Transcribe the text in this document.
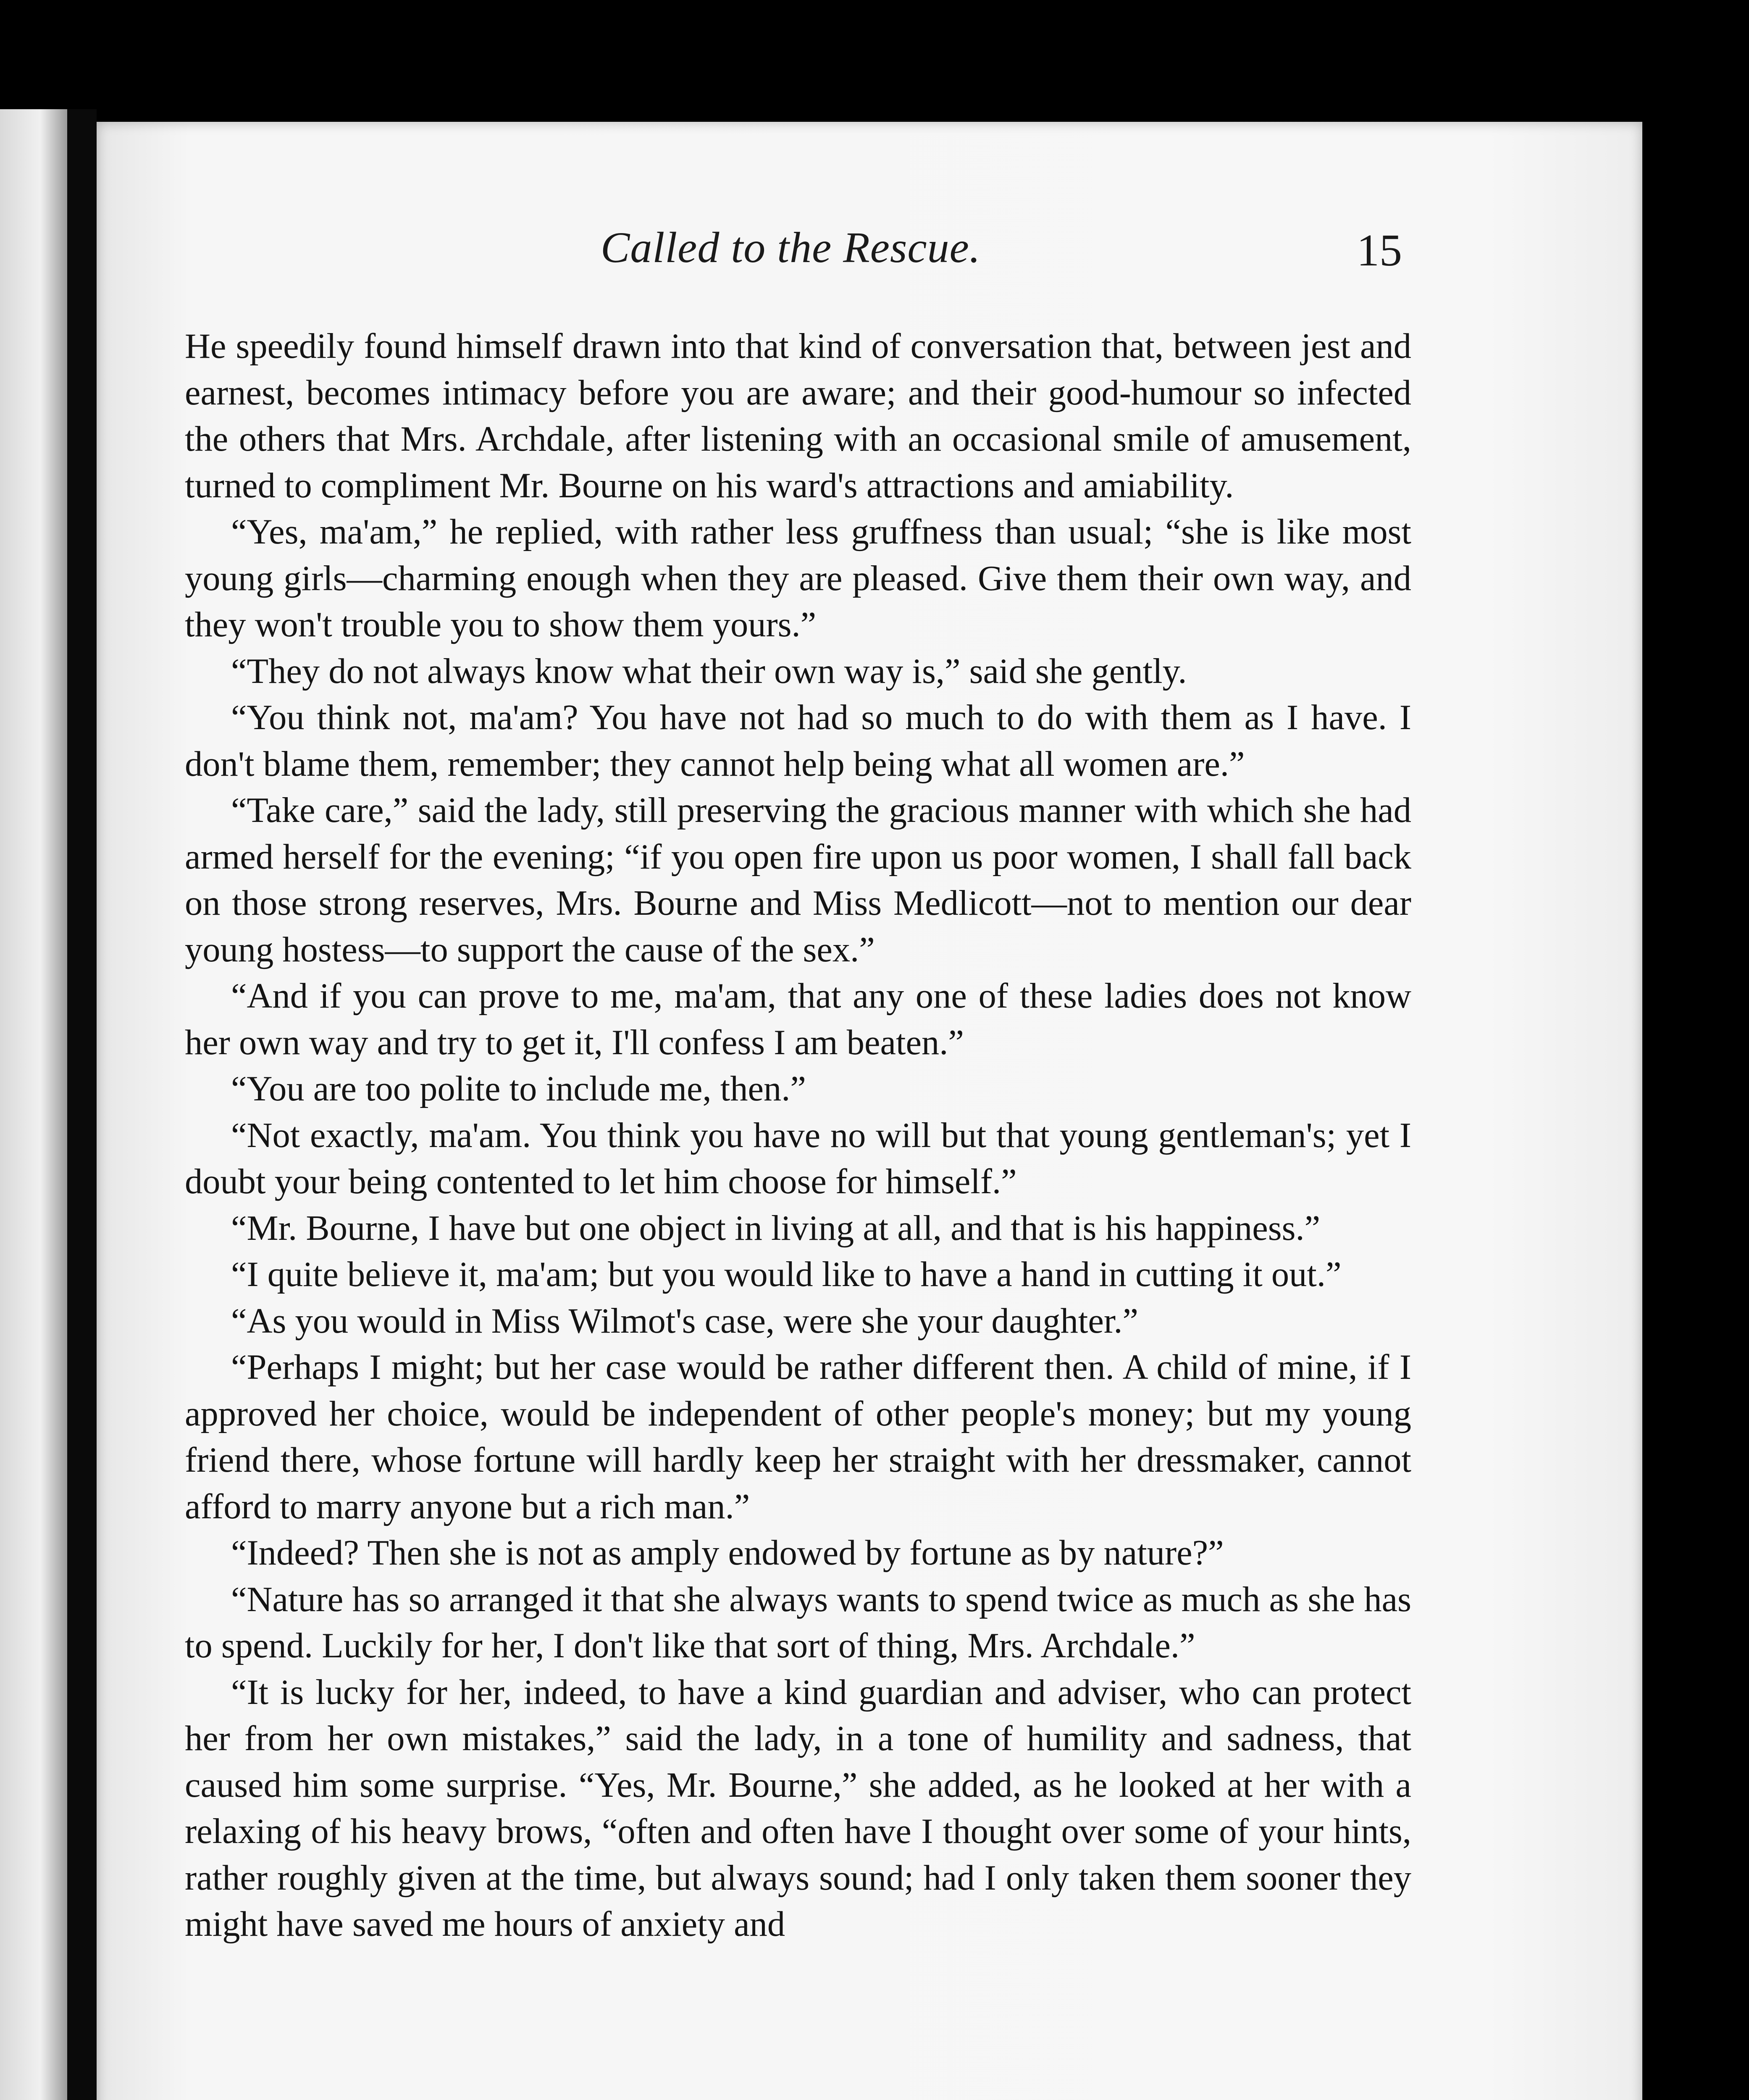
Called to the Rescue.	15

He speedily found himself drawn into that kind of conversation that, between jest and earnest, becomes intimacy before you are aware; and their good-humour so infected the others that Mrs. Archdale, after listening with an occasional smile of amusement, turned to compliment Mr. Bourne on his ward's attractions and amiability.

“Yes, ma'am,” he replied, with rather less gruffness than usual; “she is like most young girls—charming enough when they are pleased. Give them their own way, and they won't trouble you to show them yours.”

“They do not always know what their own way is,” said she gently.

“You think not, ma'am? You have not had so much to do with them as I have. I don't blame them, remember; they cannot help being what all women are.”

“Take care,” said the lady, still preserving the gracious manner with which she had armed herself for the evening; “if you open fire upon us poor women, I shall fall back on those strong reserves, Mrs. Bourne and Miss Medlicott—not to mention our dear young hostess—to support the cause of the sex.”

“And if you can prove to me, ma'am, that any one of these ladies does not know her own way and try to get it, I'll confess I am beaten.”

“You are too polite to include me, then.”

“Not exactly, ma'am. You think you have no will but that young gentleman's; yet I doubt your being contented to let him choose for himself.”

“Mr. Bourne, I have but one object in living at all, and that is his happiness.”

“I quite believe it, ma'am; but you would like to have a hand in cutting it out.”

“As you would in Miss Wilmot's case, were she your daughter.”

“Perhaps I might; but her case would be rather different then. A child of mine, if I approved her choice, would be independent of other people's money; but my young friend there, whose fortune will hardly keep her straight with her dressmaker, cannot afford to marry anyone but a rich man.”

“Indeed? Then she is not as amply endowed by fortune as by nature?”

“Nature has so arranged it that she always wants to spend twice as much as she has to spend. Luckily for her, I don't like that sort of thing, Mrs. Archdale.”

“It is lucky for her, indeed, to have a kind guardian and adviser, who can protect her from her own mistakes,” said the lady, in a tone of humility and sadness, that caused him some surprise. “Yes, Mr. Bourne,” she added, as he looked at her with a relaxing of his heavy brows, “often and often have I thought over some of your hints, rather roughly given at the time, but always sound; had I only taken them sooner they might have saved me hours of anxiety and
